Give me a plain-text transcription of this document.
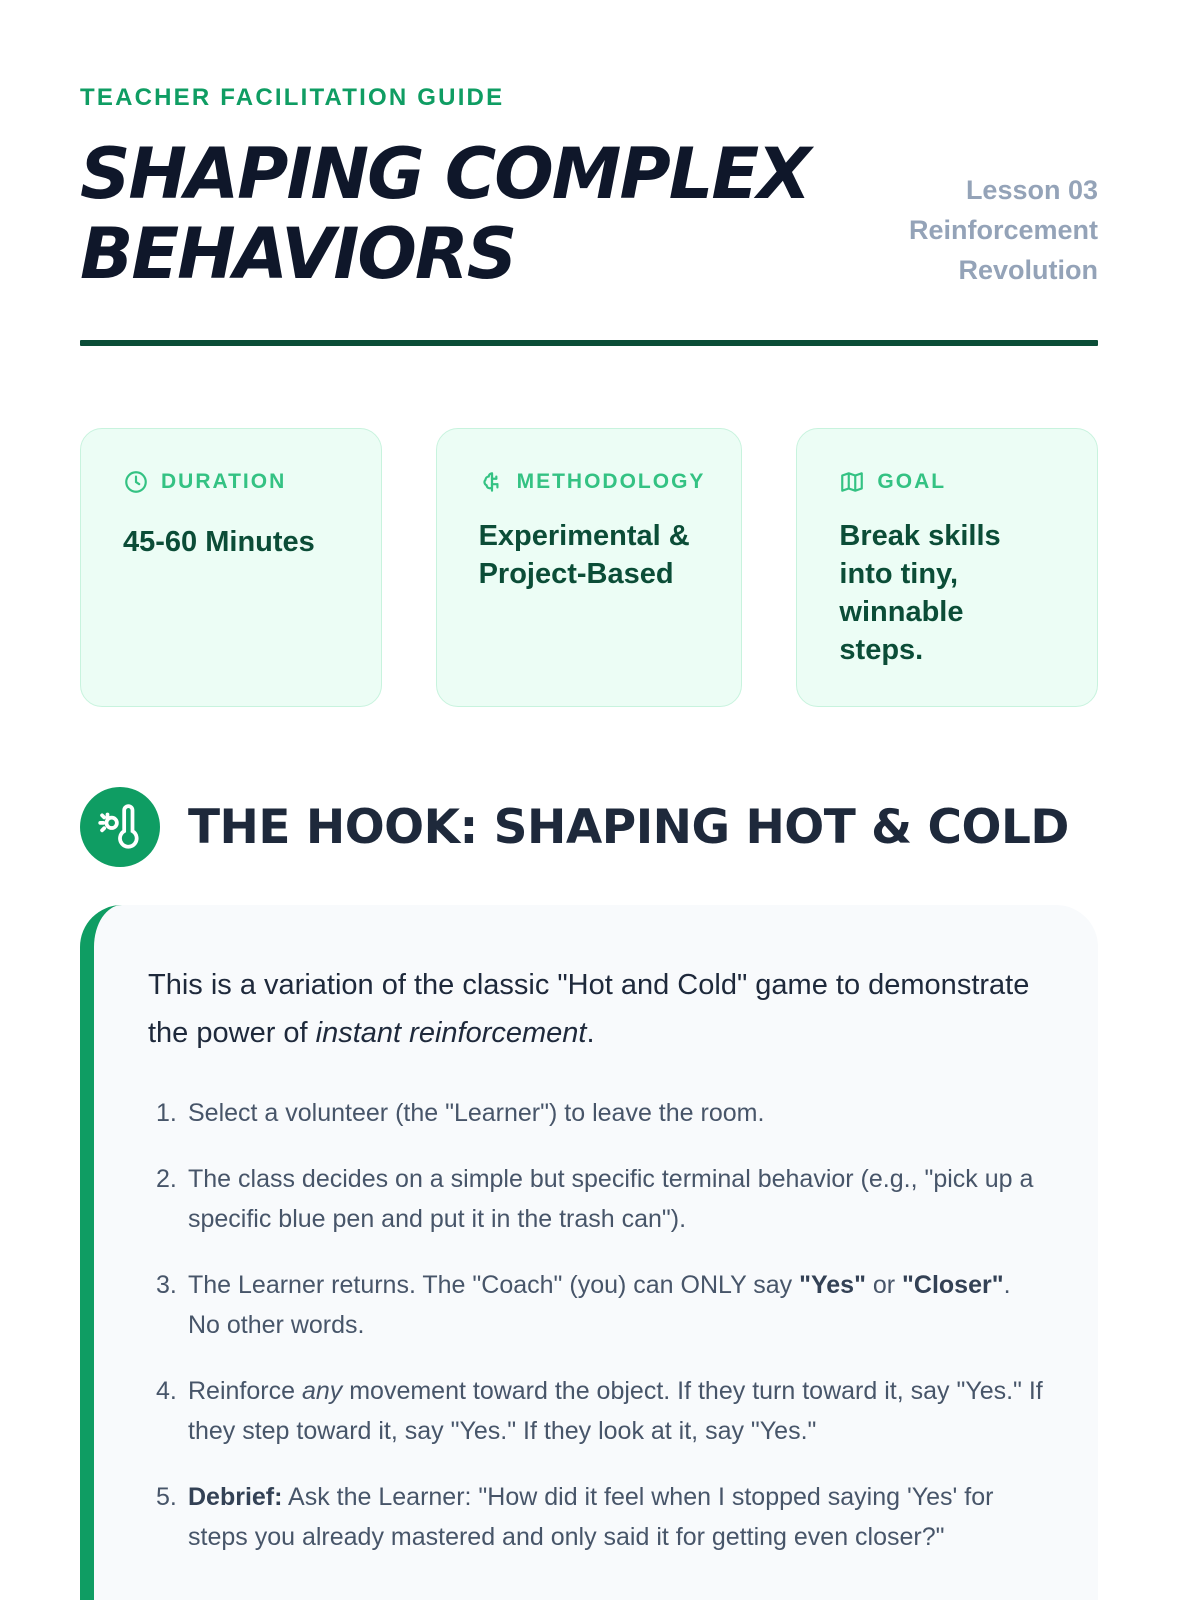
TEACHER FACILITATION GUIDE
SHAPING COMPLEX
BEHAVIORS
Lesson 03
Reinforcement
Revolution
DURATION
45-60 Minutes
METHODOLOGY
Experimental & Project-Based
GOAL
Break skills into tiny, winnable steps.
THE HOOK: SHAPING HOT & COLD

This is a variation of the classic "Hot and Cold" game to demonstrate the power of instant reinforcement.

1. Select a volunteer (the "Learner") to leave the room.
2. The class decides on a simple but specific terminal behavior (e.g., "pick up a specific blue pen and put it in the trash can").
3. The Learner returns. The "Coach" (you) can ONLY say "Yes" or "Closer". No other words.
4. Reinforce any movement toward the object. If they turn toward it, say "Yes." If they step toward it, say "Yes." If they look at it, say "Yes."
5. Debrief: Ask the Learner: "How did it feel when I stopped saying 'Yes' for steps you already mastered and only said it for getting even closer?"
